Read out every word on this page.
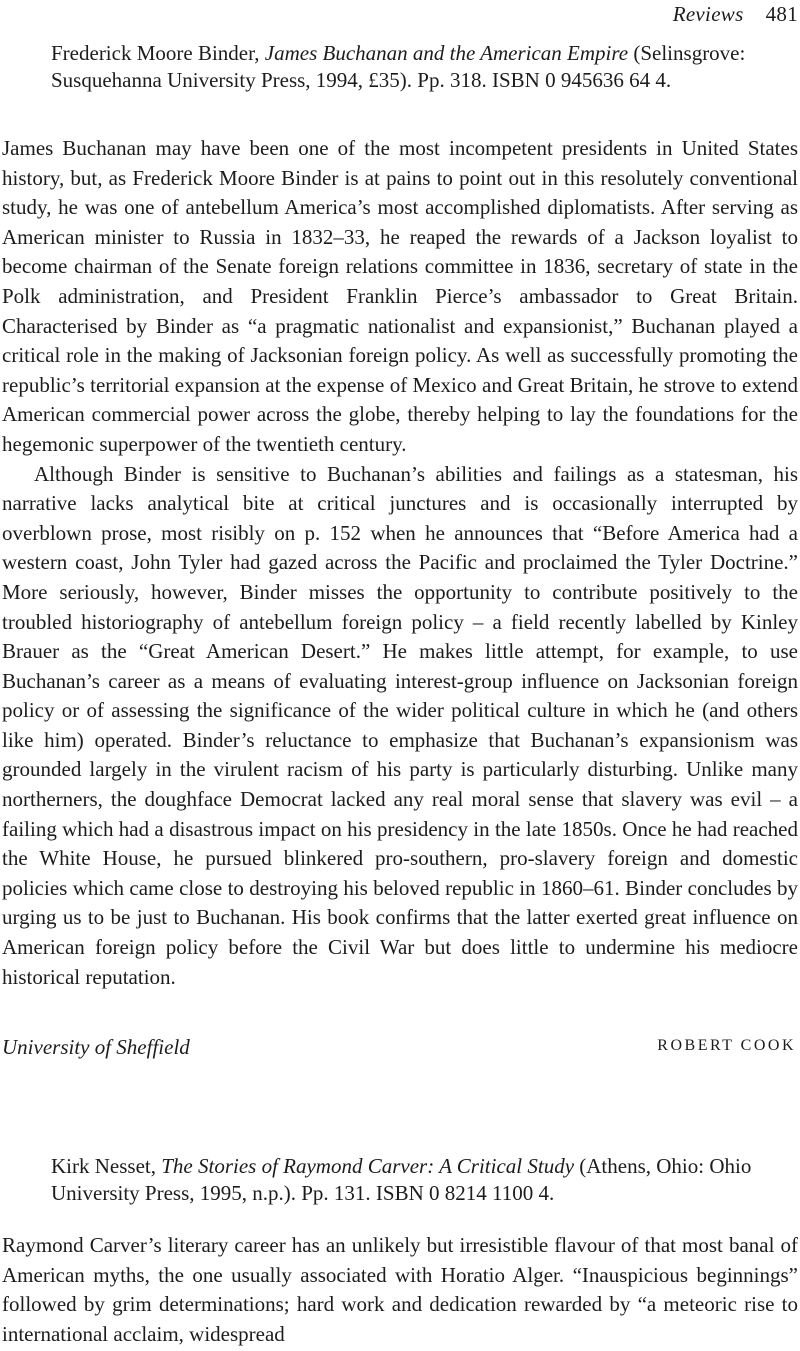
Reviews 481
Frederick Moore Binder, James Buchanan and the American Empire (Selinsgrove: Susquehanna University Press, 1994, £35). Pp. 318. ISBN 0 945636 64 4.

James Buchanan may have been one of the most incompetent presidents in United States history, but, as Frederick Moore Binder is at pains to point out in this resolutely conventional study, he was one of antebellum America’s most accomplished diplomatists. After serving as American minister to Russia in 1832–33, he reaped the rewards of a Jackson loyalist to become chairman of the Senate foreign relations committee in 1836, secretary of state in the Polk administration, and President Franklin Pierce’s ambassador to Great Britain. Characterised by Binder as “a pragmatic nationalist and expansionist,” Buchanan played a critical role in the making of Jacksonian foreign policy. As well as successfully promoting the republic’s territorial expansion at the expense of Mexico and Great Britain, he strove to extend American commercial power across the globe, thereby helping to lay the foundations for the hegemonic superpower of the twentieth century.

Although Binder is sensitive to Buchanan’s abilities and failings as a statesman, his narrative lacks analytical bite at critical junctures and is occasionally interrupted by overblown prose, most risibly on p. 152 when he announces that “Before America had a western coast, John Tyler had gazed across the Pacific and proclaimed the Tyler Doctrine.” More seriously, however, Binder misses the opportunity to contribute positively to the troubled historiography of antebellum foreign policy – a field recently labelled by Kinley Brauer as the “Great American Desert.” He makes little attempt, for example, to use Buchanan’s career as a means of evaluating interest-group influence on Jacksonian foreign policy or of assessing the significance of the wider political culture in which he (and others like him) operated. Binder’s reluctance to emphasize that Buchanan’s expansionism was grounded largely in the virulent racism of his party is particularly disturbing. Unlike many northerners, the doughface Democrat lacked any real moral sense that slavery was evil – a failing which had a disastrous impact on his presidency in the late 1850s. Once he had reached the White House, he pursued blinkered pro-southern, pro-slavery foreign and domestic policies which came close to destroying his beloved republic in 1860–61. Binder concludes by urging us to be just to Buchanan. His book confirms that the latter exerted great influence on American foreign policy before the Civil War but does little to undermine his mediocre historical reputation.

University of Sheffield	ROBERT COOK
Kirk Nesset, The Stories of Raymond Carver: A Critical Study (Athens, Ohio: Ohio University Press, 1995, n.p.). Pp. 131. ISBN 0 8214 1100 4.

Raymond Carver’s literary career has an unlikely but irresistible flavour of that most banal of American myths, the one usually associated with Horatio Alger. “Inauspicious beginnings” followed by grim determinations; hard work and dedication rewarded by “a meteoric rise to international acclaim, widespread
